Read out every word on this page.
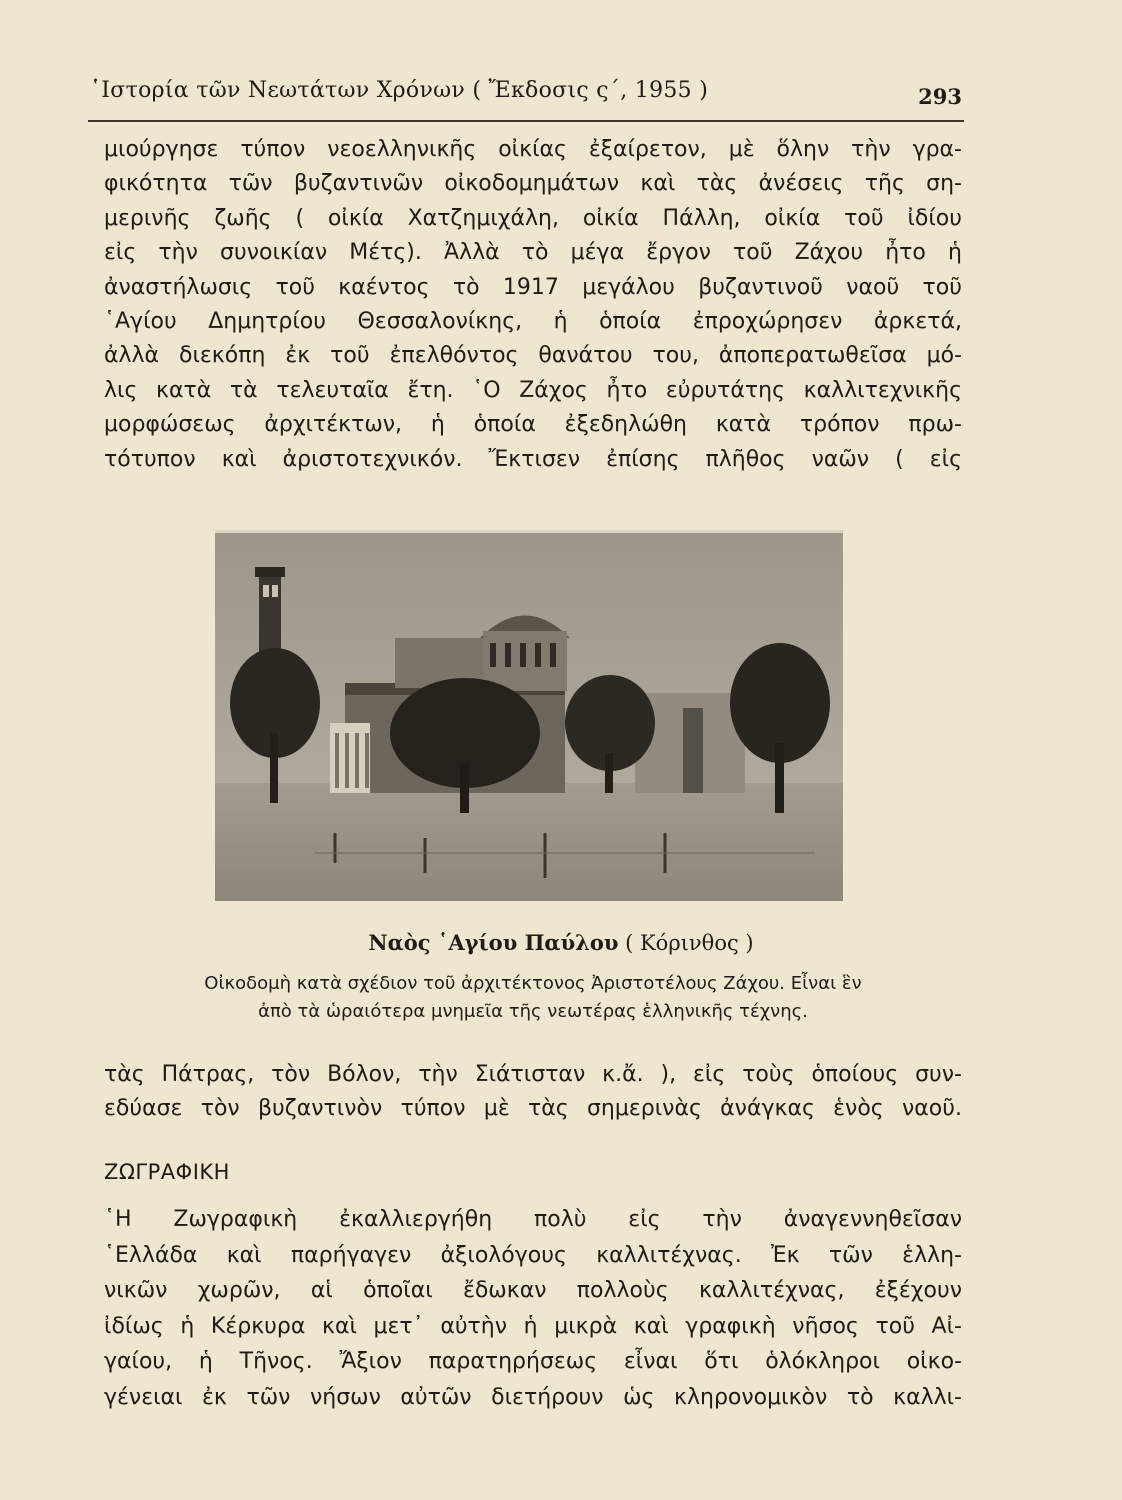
῾Ιστορία τῶν Νεωτάτων Χρόνων ( Ἔκδοσις ς΄, 1955 )	293
μιούργησε τύπον νεοελληνικῆς οἰκίας ἐξαίρετον, μὲ ὅλην τὴν γρα-
φικότητα τῶν βυζαντινῶν οἰκοδομημάτων καὶ τὰς ἀνέσεις τῆς ση-
μερινῆς ζωῆς ( οἰκία Χατζημιχάλη, οἰκία Πάλλη, οἰκία τοῦ ἰδίου
εἰς τὴν συνοικίαν Μέτς). Ἀλλὰ τὸ μέγα ἔργον τοῦ Ζάχου ἦτο ἡ
ἀναστήλωσις τοῦ καέντος τὸ 1917 μεγάλου βυζαντινοῦ ναοῦ τοῦ
῾Αγίου Δημητρίου Θεσσαλονίκης, ἡ ὁποία ἐπροχώρησεν ἀρκετά,
ἀλλὰ διεκόπη ἐκ τοῦ ἐπελθόντος θανάτου του, ἀποπερατωθεῖσα μό-
λις κατὰ τὰ τελευταῖα ἔτη. ῾Ο Ζάχος ἦτο εὐρυτάτης καλλιτεχνικῆς
μορφώσεως ἀρχιτέκτων, ἡ ὁποία ἐξεδηλώθη κατὰ τρόπον πρω-
τότυπον καὶ ἀριστοτεχνικόν. Ἔκτισεν ἐπίσης πλῆθος ναῶν ( εἰς
Ναὸς ῾Αγίου Παύλου ( Κόρινθος )
Οἰκοδομὴ κατὰ σχέδιον τοῦ ἀρχιτέκτονος Ἀριστοτέλους Ζάχου. Εἶναι ἓν
ἀπὸ τὰ ὡραιότερα μνημεῖα τῆς νεωτέρας ἑλληνικῆς τέχνης.
τὰς Πάτρας, τὸν Βόλον, τὴν Σιάτισταν κ.ἄ. ), εἰς τοὺς ὁποίους συν-
εδύασε τὸν βυζαντινὸν τύπον μὲ τὰς σημερινὰς ἀνάγκας ἑνὸς ναοῦ.
ΖΩΓΡΑΦΙΚΗ
῾Η Ζωγραφικὴ ἐκαλλιεργήθη πολὺ εἰς τὴν ἀναγεννηθεῖσαν
῾Ελλάδα καὶ παρήγαγεν ἀξιολόγους καλλιτέχνας. Ἐκ τῶν ἑλλη-
νικῶν χωρῶν, αἱ ὁποῖαι ἔδωκαν πολλοὺς καλλιτέχνας, ἐξέχουν
ἰδίως ἡ Κέρκυρα καὶ μετ᾽ αὐτὴν ἡ μικρὰ καὶ γραφικὴ νῆσος τοῦ Αἰ-
γαίου, ἡ Τῆνος. Ἄξιον παρατηρήσεως εἶναι ὅτι ὁλόκληροι οἰκο-
γένειαι ἐκ τῶν νήσων αὐτῶν διετήρουν ὡς κληρονομικὸν τὸ καλλι-
